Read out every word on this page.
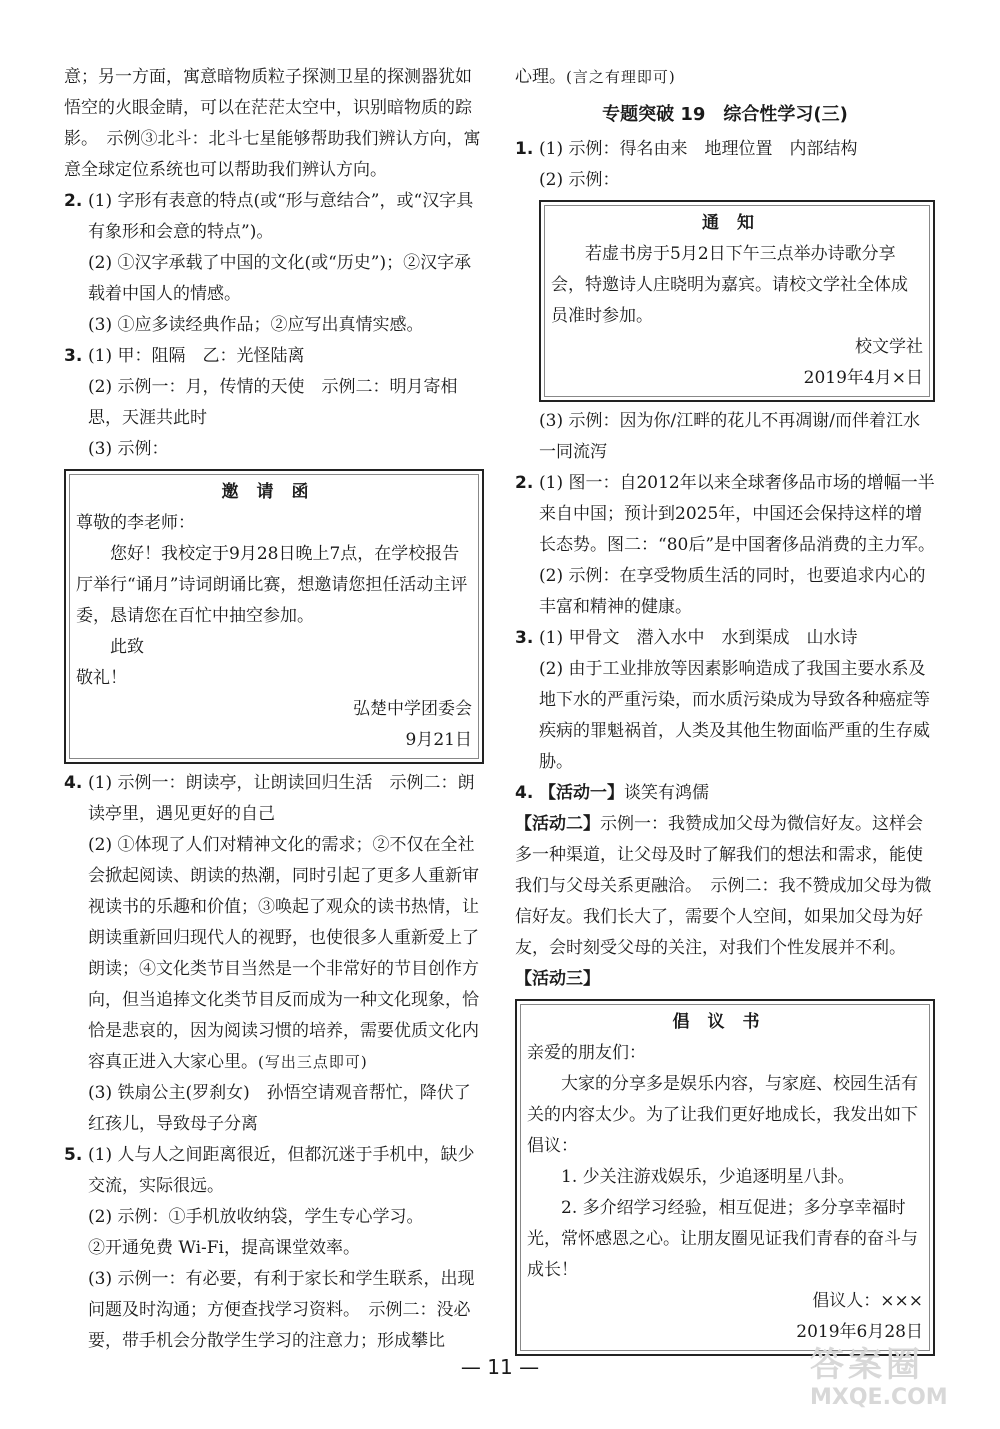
意；另一方面，寓意暗物质粒子探测卫星的探测器犹如悟空的火眼金睛，可以在茫茫太空中，识别暗物质的踪影。　示例③北斗：北斗七星能够帮助我们辨认方向，寓意全球定位系统也可以帮助我们辨认方向。

2. (1) 字形有表意的特点(或“形与意结合”，或“汉字具有象形和会意的特点”)。

(2) ①汉字承载了中国的文化(或“历史”)；②汉字承载着中国人的情感。

(3) ①应多读经典作品；②应写出真情实感。

3. (1) 甲：阻隔　乙：光怪陆离

(2) 示例一：月，传情的天使　示例二：明月寄相思，天涯共此时

(3) 示例：

邀请函

尊敬的李老师：

您好！我校定于9月28日晚上7点，在学校报告厅举行“诵月”诗词朗诵比赛，想邀请您担任活动主评委，恳请您在百忙中抽空参加。

此致

敬礼！

弘楚中学团委会

9月21日

4. (1) 示例一：朗读亭，让朗读回归生活　示例二：朗读亭里，遇见更好的自己

(2) ①体现了人们对精神文化的需求；②不仅在全社会掀起阅读、朗读的热潮，同时引起了更多人重新审视读书的乐趣和价值；③唤起了观众的读书热情，让朗读重新回归现代人的视野，也使很多人重新爱上了朗读；④文化类节目当然是一个非常好的节目创作方向，但当追捧文化类节目反而成为一种文化现象，恰恰是悲哀的，因为阅读习惯的培养，需要优质文化内容真正进入大家心里。(写出三点即可)

(3) 铁扇公主(罗刹女)　孙悟空请观音帮忙，降伏了红孩儿，导致母子分离

5. (1) 人与人之间距离很近，但都沉迷于手机中，缺少交流，实际很远。

(2) 示例：①手机放收纳袋，学生专心学习。

②开通免费 Wi-Fi，提高课堂效率。

(3) 示例一：有必要，有利于家长和学生联系，出现问题及时沟通；方便查找学习资料。　示例二：没必要，带手机会分散学生学习的注意力；形成攀比

心理。(言之有理即可)

专题突破 19　综合性学习(三)

1. (1) 示例：得名由来　地理位置　内部结构

(2) 示例：

通知

若虚书房于5月2日下午三点举办诗歌分享会，特邀诗人庄晓明为嘉宾。请校文学社全体成员准时参加。

校文学社

2019年4月×日

(3) 示例：因为你/江畔的花儿不再凋谢/而伴着江水一同流泻

2. (1) 图一：自2012年以来全球奢侈品市场的增幅一半来自中国；预计到2025年，中国还会保持这样的增长态势。图二：“80后”是中国奢侈品消费的主力军。

(2) 示例：在享受物质生活的同时，也要追求内心的丰富和精神的健康。

3. (1) 甲骨文　潜入水中　水到渠成　山水诗

(2) 由于工业排放等因素影响造成了我国主要水系及地下水的严重污染，而水质污染成为导致各种癌症等疾病的罪魁祸首，人类及其他生物面临严重的生存威胁。

4. 【活动一】谈笑有鸿儒

【活动二】示例一：我赞成加父母为微信好友。这样会多一种渠道，让父母及时了解我们的想法和需求，能使我们与父母关系更融洽。　示例二：我不赞成加父母为微信好友。我们长大了，需要个人空间，如果加父母为好友，会时刻受父母的关注，对我们个性发展并不利。

【活动三】

倡议书

亲爱的朋友们：

大家的分享多是娱乐内容，与家庭、校园生活有关的内容太少。为了让我们更好地成长，我发出如下倡议：

1. 少关注游戏娱乐，少追逐明星八卦。

2. 多介绍学习经验，相互促进；多分享幸福时光，常怀感恩之心。让朋友圈见证我们青春的奋斗与成长！

倡议人：×××

2019年6月28日

— 11 —	答案圈
MXQE.COM
